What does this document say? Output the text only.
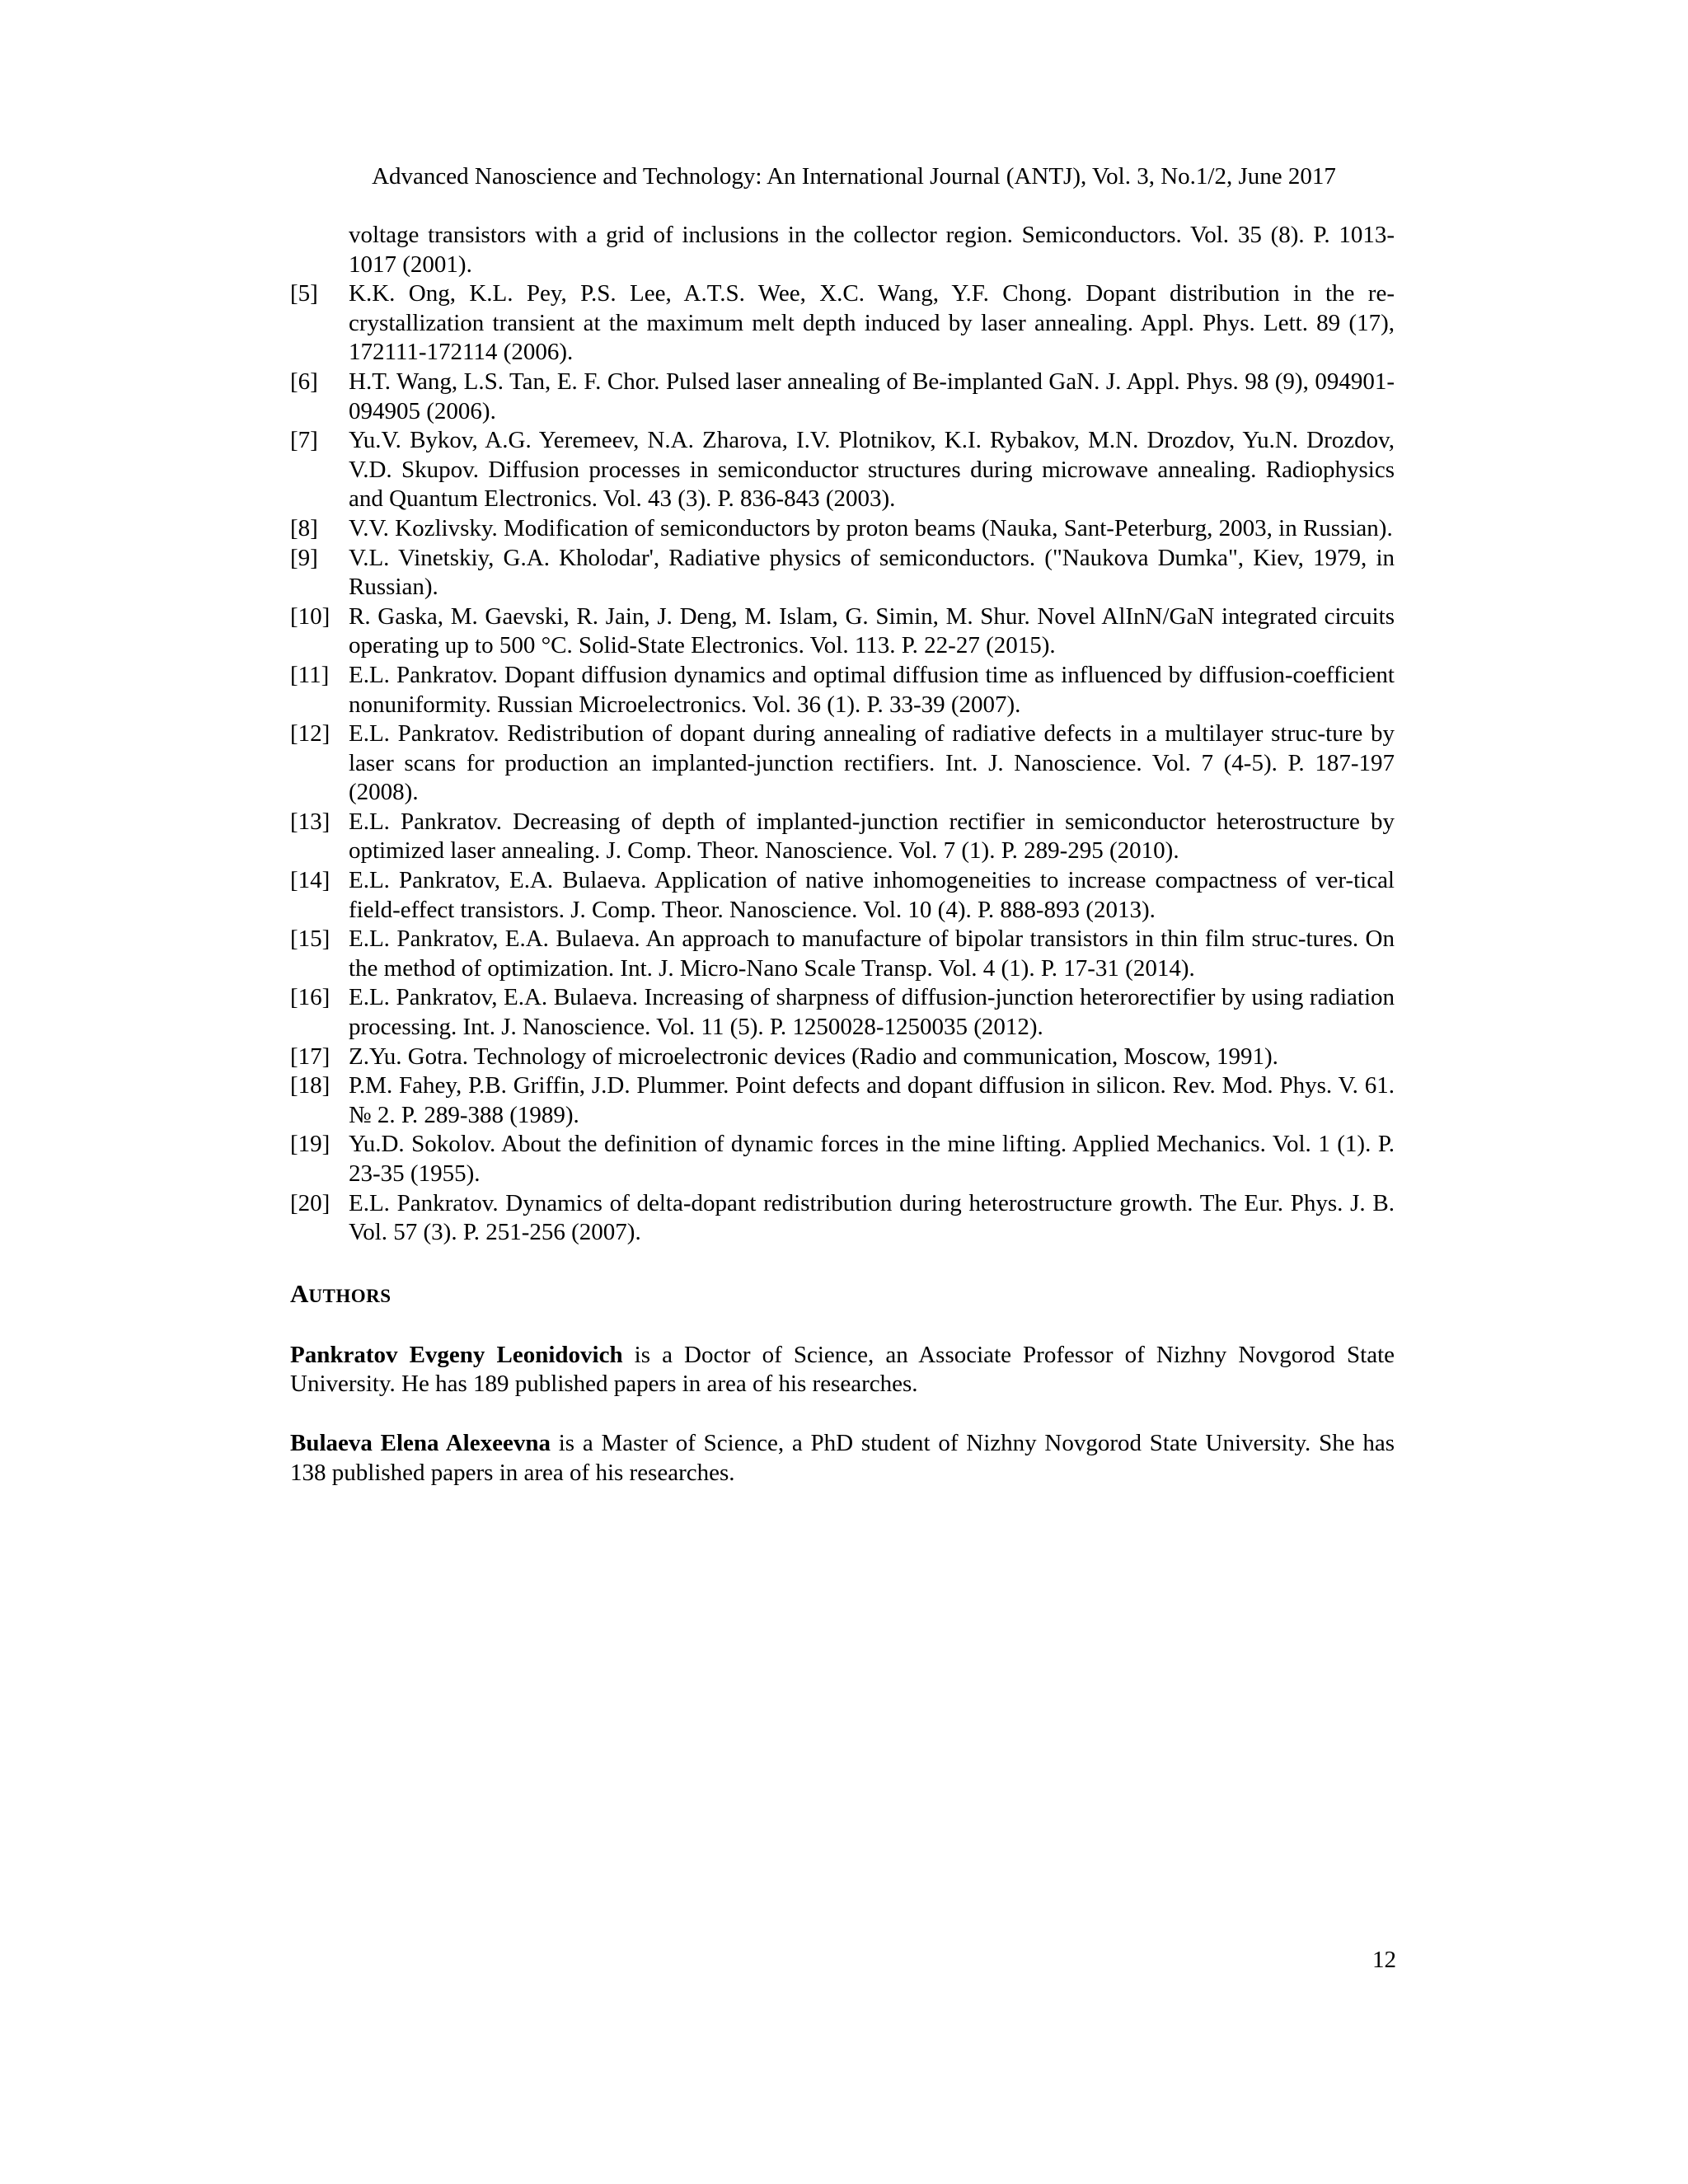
Advanced Nanoscience and Technology: An International Journal (ANTJ), Vol. 3, No.1/2, June 2017
voltage transistors with a grid of inclusions in the collector region. Semiconductors. Vol. 35 (8). P. 1013-1017 (2001).
[5]	K.K. Ong, K.L. Pey, P.S. Lee, A.T.S. Wee, X.C. Wang, Y.F. Chong. Dopant distribution in the re-crystallization transient at the maximum melt depth induced by laser annealing. Appl. Phys. Lett. 89 (17), 172111-172114 (2006).
[6]	H.T. Wang, L.S. Tan, E. F. Chor. Pulsed laser annealing of Be-implanted GaN. J. Appl. Phys. 98 (9), 094901-094905 (2006).
[7]	Yu.V. Bykov, A.G. Yeremeev, N.A. Zharova, I.V. Plotnikov, K.I. Rybakov, M.N. Drozdov, Yu.N. Drozdov, V.D. Skupov. Diffusion processes in semiconductor structures during microwave annealing. Radiophysics and Quantum Electronics. Vol. 43 (3). P. 836-843 (2003).
[8]	V.V. Kozlivsky. Modification of semiconductors by proton beams (Nauka, Sant-Peterburg, 2003, in Russian).
[9]	V.L. Vinetskiy, G.A. Kholodar', Radiative physics of semiconductors. ("Naukova Dumka", Kiev, 1979, in Russian).
[10] R. Gaska, M. Gaevski, R. Jain, J. Deng, M. Islam, G. Simin, M. Shur. Novel AlInN/GaN integrated circuits operating up to 500 °C. Solid-State Electronics. Vol. 113. P. 22-27 (2015).
[11] E.L. Pankratov. Dopant diffusion dynamics and optimal diffusion time as influenced by diffusion-coefficient nonuniformity. Russian Microelectronics. Vol. 36 (1). P. 33-39 (2007).
[12] E.L. Pankratov. Redistribution of dopant during annealing of radiative defects in a multilayer struc-ture by laser scans for production an implanted-junction rectifiers. Int. J. Nanoscience. Vol. 7 (4-5). P. 187-197 (2008).
[13] E.L. Pankratov. Decreasing of depth of implanted-junction rectifier in semiconductor heterostructure by optimized laser annealing. J. Comp. Theor. Nanoscience. Vol. 7 (1). P. 289-295 (2010).
[14] E.L. Pankratov, E.A. Bulaeva. Application of native inhomogeneities to increase compactness of ver-tical field-effect transistors. J. Comp. Theor. Nanoscience. Vol. 10 (4). P. 888-893 (2013).
[15] E.L. Pankratov, E.A. Bulaeva. An approach to manufacture of bipolar transistors in thin film struc-tures. On the method of optimization. Int. J. Micro-Nano Scale Transp. Vol. 4 (1). P. 17-31 (2014).
[16] E.L. Pankratov, E.A. Bulaeva. Increasing of sharpness of diffusion-junction heterorectifier by using radiation processing. Int. J. Nanoscience. Vol. 11 (5). P. 1250028-1250035 (2012).
[17] Z.Yu. Gotra. Technology of microelectronic devices (Radio and communication, Moscow, 1991).
[18] P.M. Fahey, P.B. Griffin, J.D. Plummer. Point defects and dopant diffusion in silicon. Rev. Mod. Phys. V. 61. № 2. P. 289-388 (1989).
[19] Yu.D. Sokolov. About the definition of dynamic forces in the mine lifting. Applied Mechanics. Vol. 1 (1). P. 23-35 (1955).
[20] E.L. Pankratov. Dynamics of delta-dopant redistribution during heterostructure growth. The Eur. Phys. J. B. Vol. 57 (3). P. 251-256 (2007).
AUTHORS
Pankratov Evgeny Leonidovich is a Doctor of Science, an Associate Professor of Nizhny Novgorod State University. He has 189 published papers in area of his researches.
Bulaeva Elena Alexeevna is a Master of Science, a PhD student of Nizhny Novgorod State University. She has 138 published papers in area of his researches.
12
